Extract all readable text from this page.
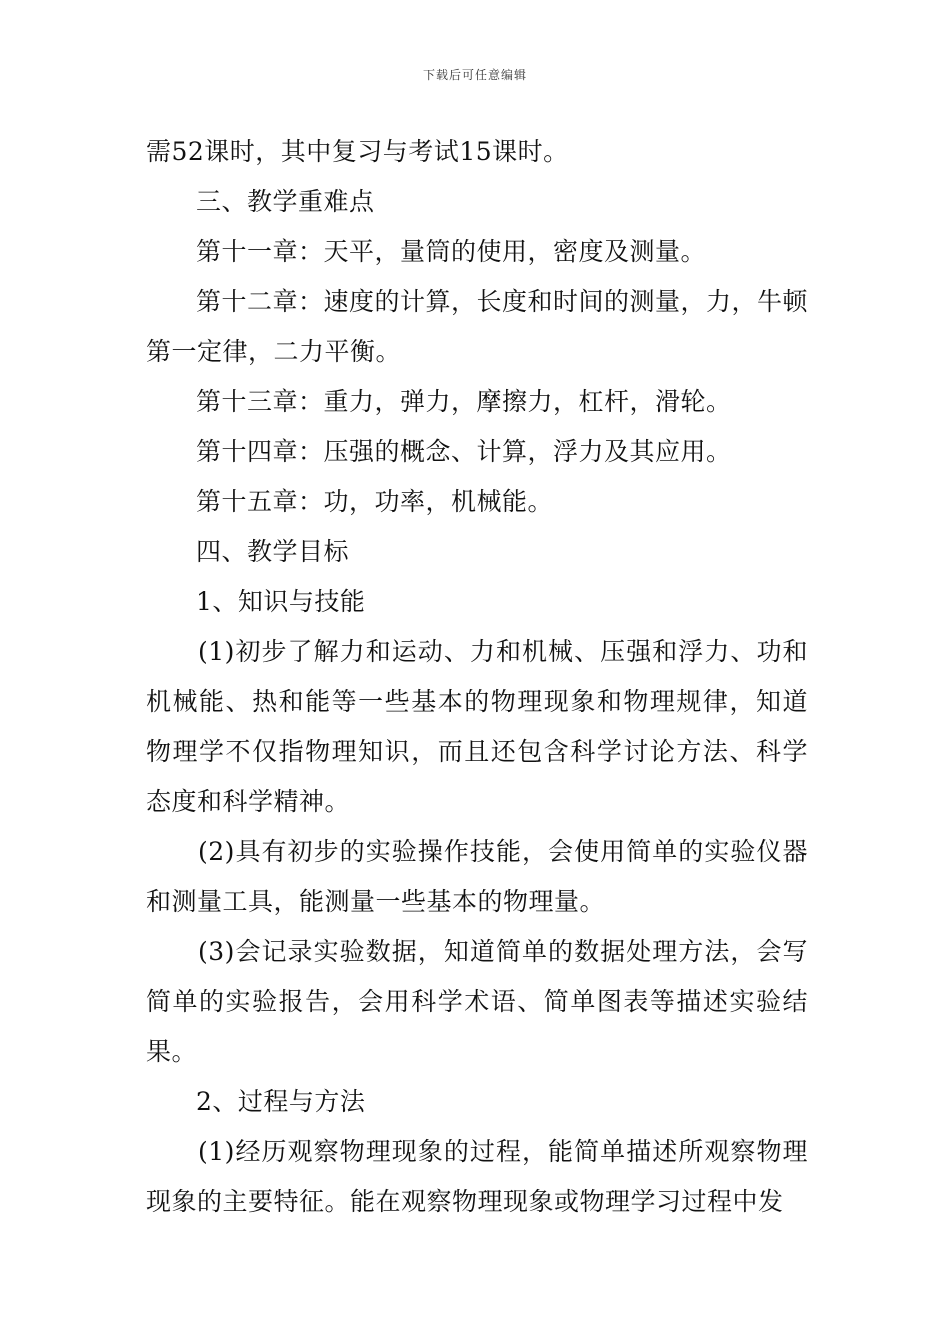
下载后可任意编辑

需52课时，其中复习与考试15课时。

三、教学重难点

第十一章：天平，量筒的使用，密度及测量。

第十二章：速度的计算，长度和时间的测量，力，牛顿第一定律，二力平衡。

第十三章：重力，弹力，摩擦力，杠杆，滑轮。

第十四章：压强的概念、计算，浮力及其应用。

第十五章：功，功率，机械能。

四、教学目标

1、知识与技能

(1)初步了解力和运动、力和机械、压强和浮力、功和机械能、热和能等一些基本的物理现象和物理规律，知道物理学不仅指物理知识，而且还包含科学讨论方法、科学态度和科学精神。

(2)具有初步的实验操作技能，会使用简单的实验仪器和测量工具，能测量一些基本的物理量。

(3)会记录实验数据，知道简单的数据处理方法，会写简单的实验报告，会用科学术语、简单图表等描述实验结果。

2、过程与方法

(1)经历观察物理现象的过程，能简单描述所观察物理现象的主要特征。能在观察物理现象或物理学习过程中发
